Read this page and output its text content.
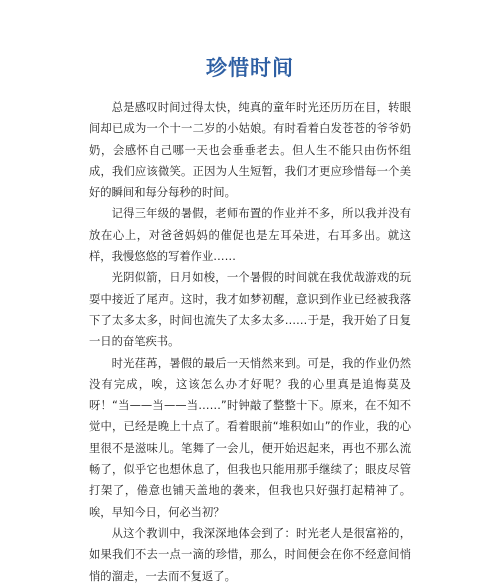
珍惜时间

总是感叹时间过得太快，纯真的童年时光还历历在目，转眼间却已成为一个十一二岁的小姑娘。有时看着白发苍苍的爷爷奶奶，会感怀自己哪一天也会垂垂老去。但人生不能只由伤怀组成，我们应该微笑。正因为人生短暂，我们才更应珍惜每一个美好的瞬间和每分每秒的时间。

记得三年级的暑假，老师布置的作业并不多，所以我并没有放在心上，对爸爸妈妈的催促也是左耳朵进，右耳多出。就这样，我慢悠悠的写着作业……

光阴似箭，日月如梭，一个暑假的时间就在我优哉游戏的玩耍中接近了尾声。这时，我才如梦初醒，意识到作业已经被我落下了太多太多，时间也流失了太多太多……于是，我开始了日复一日的奋笔疾书。

时光荏苒，暑假的最后一天悄然来到。可是，我的作业仍然没有完成，唉，这该怎么办才好呢？我的心里真是追悔莫及呀！“当——当——当……”时钟敲了整整十下。原来，在不知不觉中，已经是晚上十点了。看着眼前“堆积如山”的作业，我的心里很不是滋味儿。笔舞了一会儿，便开始迟起来，再也不那么流畅了，似乎它也想休息了，但我也只能用那手继续了；眼皮尽管打架了，倦意也铺天盖地的袭来，但我也只好强打起精神了。唉，早知今日，何必当初？

从这个教训中，我深深地体会到了：时光老人是很富裕的，如果我们不去一点一滴的珍惜，那么，时间便会在你不经意间悄悄的溜走，一去而不复返了。
